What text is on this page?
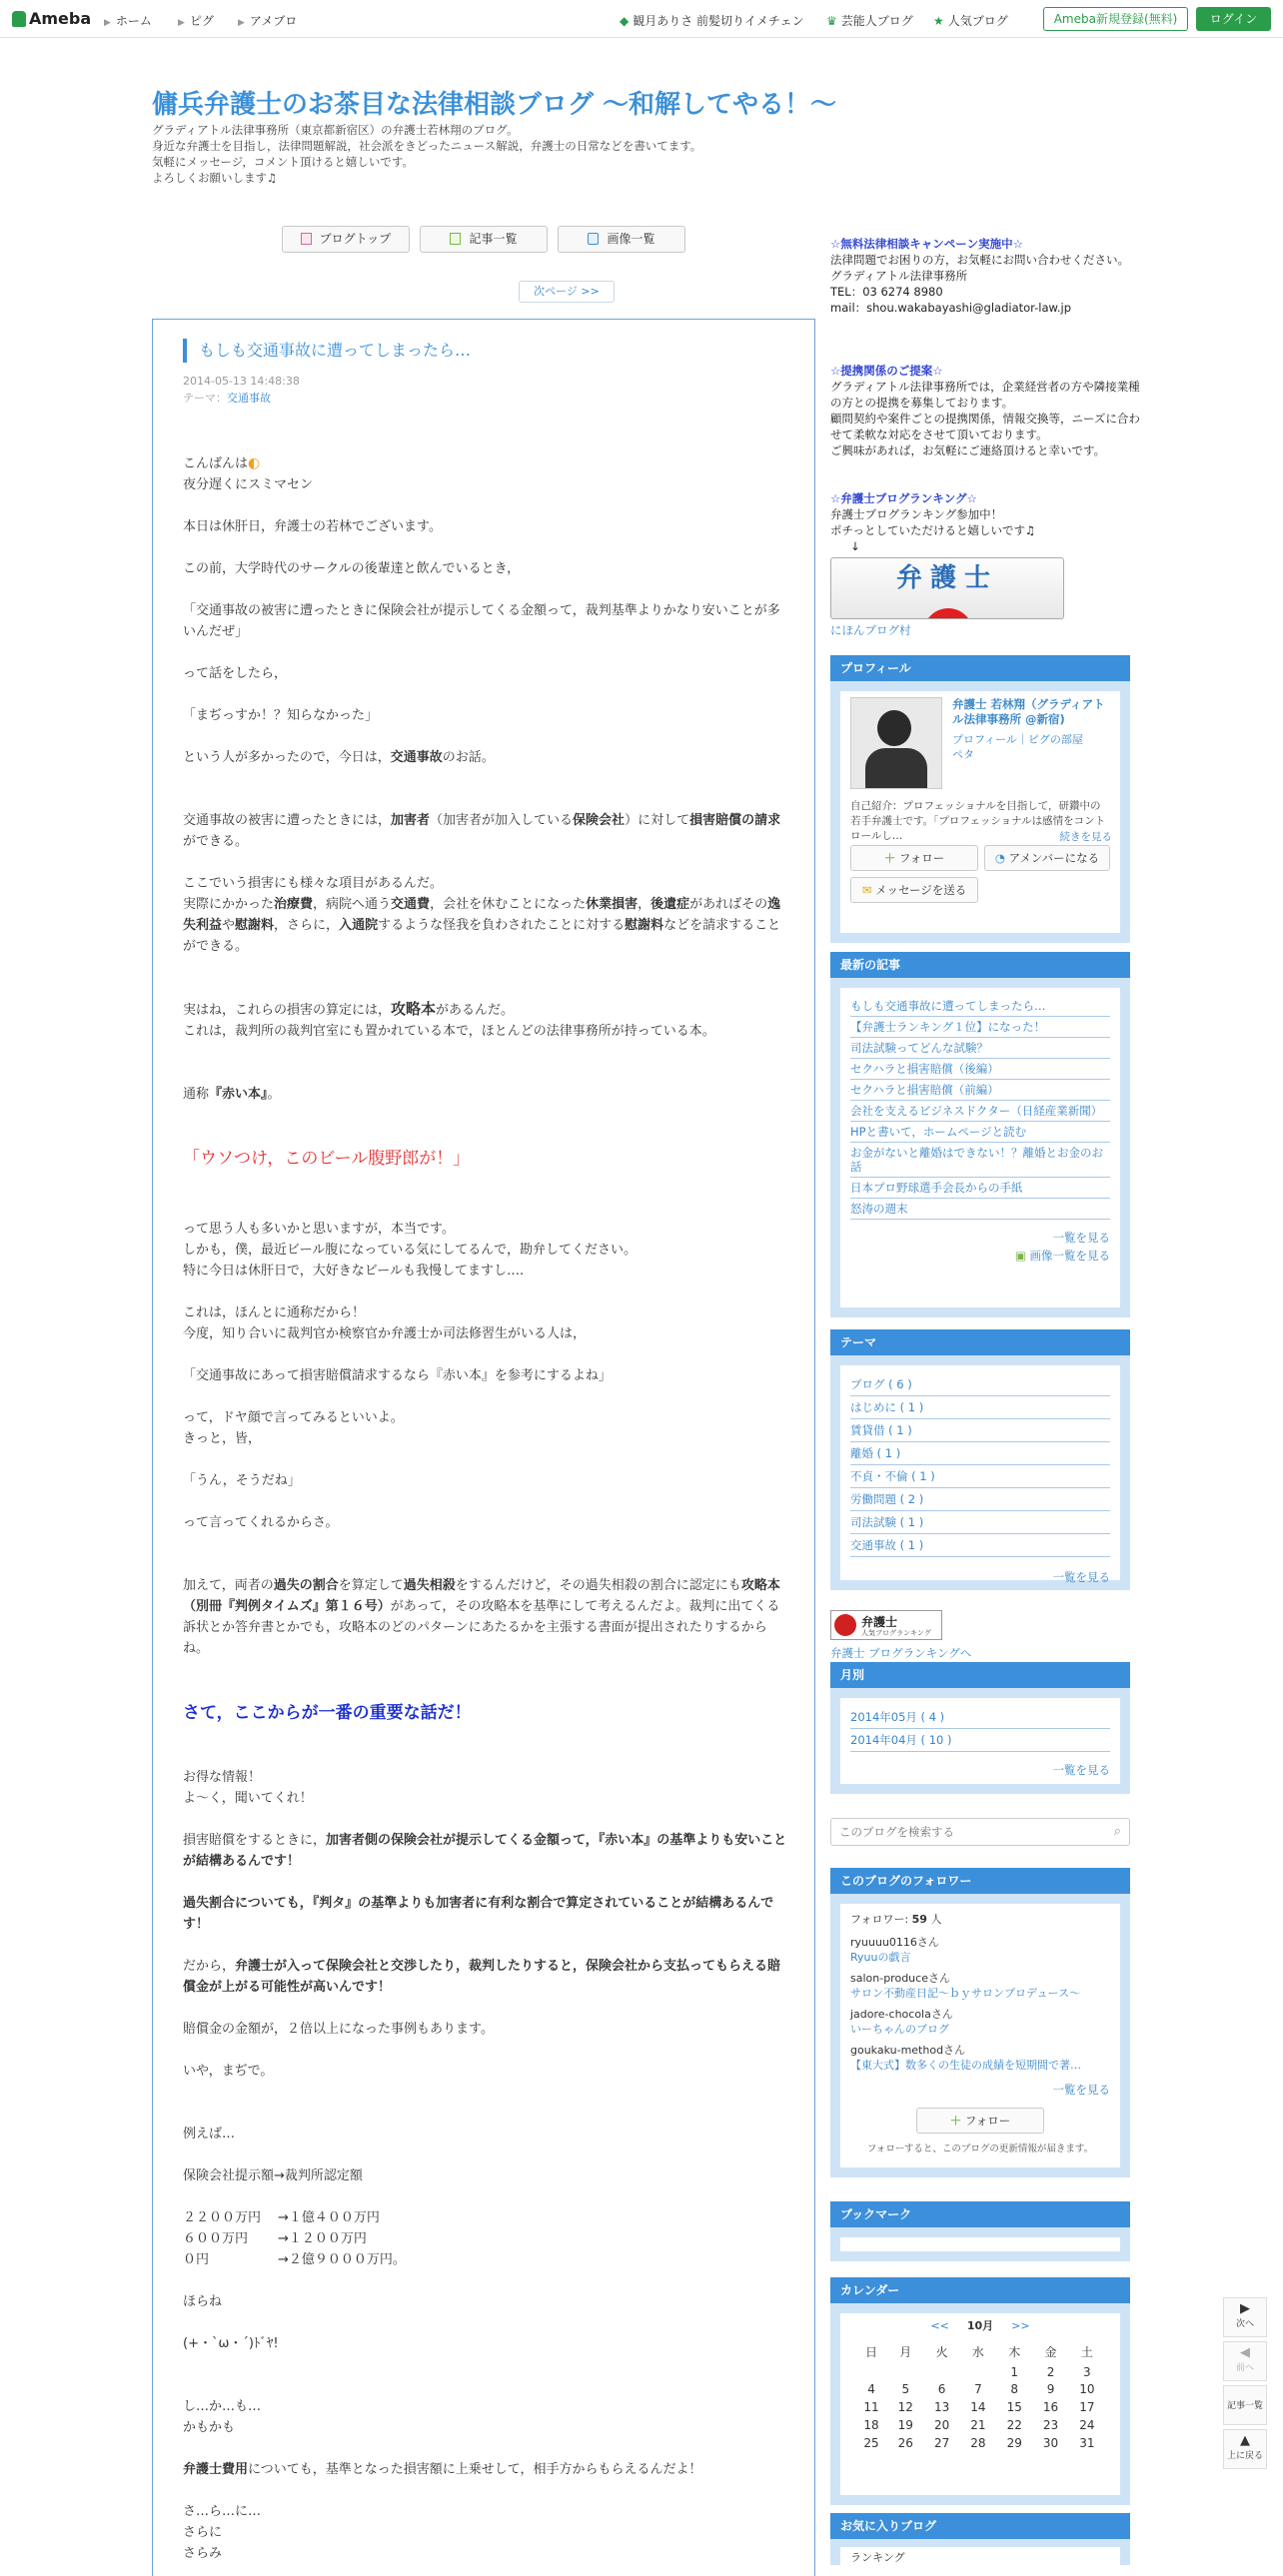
Ameba ▶ ホーム	▶ ピグ	▶ アメブロ	◆ 観月ありさ 前髪切りイメチェン ♛ 芸能人ブログ ★ 人気ブログ	Ameba新規登録(無料)	ログイン
傭兵弁護士のお茶目な法律相談ブログ 〜和解してやる！〜
グラディアトル法律事務所（東京都新宿区）の弁護士若林翔のブログ。
身近な弁護士を目指し，法律問題解説，社会派をきどったニュース解説，弁護士の日常などを書いてます。
気軽にメッセージ，コメント頂けると嬉しいです。
よろしくお願いします♫
ブログトップ	記事一覧	画像一覧
次ページ >>
もしも交通事故に遭ってしまったら…
2014-05-13 14:48:38
テーマ：交通事故

こんばんは◐

夜分遅くにスミマセン

本日は休肝日，弁護士の若林でございます。

この前，大学時代のサークルの後輩達と飲んでいるとき，

「交通事故の被害に遭ったときに保険会社が提示してくる金額って，裁判基準よりかなり安いことが多いんだぜ」

って話をしたら，

「まぢっすか！？知らなかった」

という人が多かったので，今日は，交通事故のお話。

交通事故の被害に遭ったときには，加害者（加害者が加入している保険会社）に対して損害賠償の請求ができる。

ここでいう損害にも様々な項目があるんだ。

実際にかかった治療費，病院へ通う交通費，会社を休むことになった休業損害，後遺症があればその逸失利益や慰謝料，さらに，入通院するような怪我を負わされたことに対する慰謝料などを請求することができる。

実はね，これらの損害の算定には，攻略本があるんだ。

これは，裁判所の裁判官室にも置かれている本で，ほとんどの法律事務所が持っている本。

通称『赤い本』。

「ウソつけ，このビール腹野郎が！」

って思う人も多いかと思いますが，本当です。

しかも，僕，最近ビール腹になっている気にしてるんで，勘弁してください。

特に今日は休肝日で，大好きなビールも我慢してますし….

これは，ほんとに通称だから！

今度，知り合いに裁判官か検察官か弁護士か司法修習生がいる人は，

「交通事故にあって損害賠償請求するなら『赤い本』を参考にするよね」

って，ドヤ顔で言ってみるといいよ。

きっと，皆，

「うん，そうだね」

って言ってくれるからさ。

加えて，両者の過失の割合を算定して過失相殺をするんだけど，その過失相殺の割合に認定にも攻略本（別冊『判例タイムズ』第１６号）があって，その攻略本を基準にして考えるんだよ。裁判に出てくる訴状とか答弁書とかでも，攻略本のどのパターンにあたるかを主張する書面が提出されたりするからね。

さて，ここからが一番の重要な話だ！

お得な情報！

よ～く，聞いてくれ！

損害賠償をするときに，加害者側の保険会社が提示してくる金額って，『赤い本』の基準よりも安いことが結構あるんです！

過失割合についても，『判タ』の基準よりも加害者に有利な割合で算定されていることが結構あるんです！

だから，弁護士が入って保険会社と交渉したり，裁判したりすると，保険会社から支払ってもらえる賠償金が上がる可能性が高いんです！

賠償金の金額が，２倍以上になった事例もあります。

いや，まぢで。

例えば…

保険会社提示額→裁判所認定額

２２００万円 →１億４００万円
６００万円 →１２００万円
０円	→２億９０００万円。

ほらね

(+・`ω・´)ﾄﾞﾔ!

し…か…も…

かもかも

弁護士費用についても，基準となった損害額に上乗せして，相手方からもらえるんだよ！

さ…ら…に…

さらに

さらみ

☆無料法律相談キャンペーン実施中☆
法律問題でお困りの方，お気軽にお問い合わせください。
グラディアトル法律事務所
TEL：03 6274 8980
mail：shou.wakabayashi@gladiator-law.jp
☆提携関係のご提案☆
グラディアトル法律事務所では，企業経営者の方や隣接業種の方との提携を募集しております。
顧問契約や案件ごとの提携関係，情報交換等，ニーズに合わせて柔軟な対応をさせて頂いております。
ご興味があれば，お気軽にご連絡頂けると幸いです。
☆弁護士ブログランキング☆
弁護士ブログランキング参加中！
ポチっとしていただけると嬉しいです♫
↓
弁護士
にほんブログ村
プロフィール
弁護士 若林翔（グラディアトル法律事務所 @新宿)
プロフィール｜ピグの部屋
ペタ
自己紹介：プロフェッショナルを目指して，研鑽中の若手弁護士です。「プロフェッショナルは感情をコントロールし…	続きを見る
＋ フォロー	◔ アメンバーになる
✉ メッセージを送る
最新の記事
もしも交通事故に遭ってしまったら…
【弁護士ランキング１位】になった！
司法試験ってどんな試験？
セクハラと損害賠償（後編）
セクハラと損害賠償（前編）
会社を支えるビジネスドクター（日経産業新聞）
HPと書いて，ホームページと読む
お金がないと離婚はできない！？離婚とお金のお話
日本プロ野球選手会長からの手紙
怒涛の週末
一覧を見る
▣ 画像一覧を見る
テーマ
ブログ ( 6 )
はじめに ( 1 )
賃貸借 ( 1 )
離婚 ( 1 )
不貞・不倫 ( 1 )
労働問題 ( 2 )
司法試験 ( 1 )
交通事故 ( 1 )
一覧を見る
弁護士
人気ブログランキング
弁護士 ブログランキングへ
月別
2014年05月 ( 4 )
2014年04月 ( 10 )
一覧を見る
このブログを検索する
⌕
このブログのフォロワー
フォロワー: 59 人
ryuuuu0116さん
Ryuuの戯言
salon-produceさん
サロン不動産日記～ｂｙサロンプロデュース～
jadore-chocolaさん
いーちゃんのブログ
goukaku-methodさん
【東大式】数多くの生徒の成績を短期間で著…
一覧を見る
＋ フォロー
フォローすると、このブログの更新情報が届きます。
ブックマーク
カレンダー
<< 10月 >>
日	月	火	水	木	金	土
				1	2	3
4	5	6	7	8	9	10
11	12	13	14	15	16	17
18	19	20	21	22	23	24
25	26	27	28	29	30	31
お気に入りブログ
ランキング
▶
次へ
◀
前へ
記事一覧
▲
上に戻る
